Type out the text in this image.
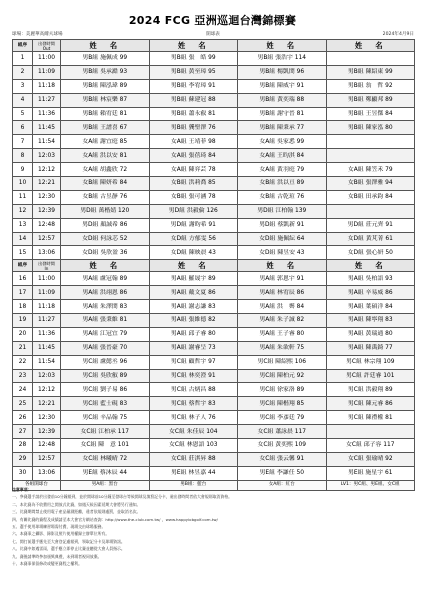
2024 FCG 亞洲巡迴台灣錦標賽
球場：美麗華高爾夫球場	開球表	2024年4月9日
組序	出發時間
Out	姓　名	姓　名	姓　名	姓　名
1	11:00	男B組 施佩成 99	男B組 張　皓 99	男B組 張浩宇 114	
2	11:09	男B組 吳承澔 93	男B組 黃至璋 95	男B組 楊凱閔 96	男B組 陳紹東 99
3	11:18	男B組 陳泓瑋 89	男B組 李宥璋 91	男B組 陳威宇 91	男B組 翁　哲 92
4	11:27	男B組 林宸樂 87	男B組 蘇建冠 88	男B組 黃奕瑞 88	男B組 鄭顯邦 89
5	11:36	男B組 賴宥廷 81	男B組 蕭永叡 81	男B組 謝守晉 81	男B組 王昱傑 84
6	11:45	男B組 王譜喜 67	男B組 龔聖澤 76	男B組 陳秉承 77	男B組 陳家泓 80
7	11:54	女A組 謝宜庭 85	女A組 王靖菲 98	女A組 吳家悉 99	
8	12:03	女A組 洪以安 81	女A組 張蓓琦 84	女A組 王昀淇 84	
9	12:12	女A組 胡鑫欣 72	女A組 陳弈芸 78	女A組 黃羽庭 79	女A組 陳笠禾 79
10	12:21	女B組 陳妍希 84	女B組 洪莉喬 85	女B組 洪以亘 89	女B組 張澤雅 94
11	12:30	女B組 古昱靜 76	女B組 張可涵 78	女B組 古乾瑄 76	女B組 田承鈞 84
12	12:39	男D組 萬楷婧 120	男D組 洪毅倫 126	男D組 江柏翰 139	
13	12:48	男D組 顏誠希 86	男D組 謝昀希 91	男D組 蔡凱新 91	男D組 莊元齊 91
14	12:57	女D組 何詠芯 52	女D組 方郁雯 56	女D組 施佩紜 64	女D組 黃芃菁 61
15	13:06	女D組 吳欣盈 36	女D組 陳映晨 43	女D組 陳昱安 43	女D組 張心妍 50
組序	出發時間
In	姓　名	姓　名	姓　名	姓　名
16	11:00	男A組 盧冠翰 89	男A組 羅晟宇 89	男A組 郭恩宇 91	男A組 吳柏語 93
17	11:09	男A組 洪翊恩 86	男A組 戴文夏 86	男A組 林宥辰 86	男A組 辛易威 86
18	11:18	男A組 朱澤閔 83	男A組 謝志謙 83	男A組 洪　霽 84	男A組 葉碩洋 84
19	11:27	男A組 張秉維 81	男A組 張維德 82	男A組 朱子誠 82	男A組 陳寧翔 83
20	11:36	男A組 江冠宜 79	男A組 邱子睿 80	男A組 王子睿 80	男A組 黃瑞通 80
21	11:45	男A組 張晉豪 70	男A組 謝睿呈 73	男A組 朱欲軒 75	男A組 陳禹錡 77
22	11:54	男C組 盧懿丞 96	男C組 顧哲宇 97	男C組 陳紹熙 106	男C組 林宗翔 109
23	12:03	男C組 吳欣叡 89	男C組 林奕澄 91	男C組 陳柏元 92	男C組 許廷睿 101
24	12:12	男C組 劉子易 86	男C組 古炳昌 88	男C組 徐家洛 89	男C組 洪毅翔 89
25	12:21	男C組 藍士硯 83	男C組 蔡哲宇 83	男C組 陳楷翔 85	男C組 陳元睿 86
26	12:30	男C組 辛品翰 75	男C組 林子人 76	男C組 李彥廷 79	男C組 陳禮權 81
27	12:39	女C組 江柏承 117	女C組 朱佳辰 104	女C組 蕭詠晨 117	
28	12:48	女C組 陳　意 101	女C組 林恩語 103	女C組 黃奕熙 109	女C組 邱子容 117
29	12:57	女C組 林曦晴 72	女C組 莊淇昇 88	女C組 張云馨 91	女C組 張瑜晴 92
30	13:06	男E組 蔡沐辰 44	男E組 林昱嘉 44	男E組 李謙任 50	男E組 施星宇 61
各組開球台		男A組：黑台	男B組：藍台	女A組：紅台	LV1：男C組、男E組、女C組
注意事項：
一、參賽選手請於出發前10分鐘報到，並於開球前10分鐘至發球台等候開球及填寫記分卡，逾出發時間者依大會規則取消資格。
二、本比賽為不收費用之開放式比賽，如遇天候因素延期大會將另行通知。
三、比賽期間禁止使用電子產品量測距離，違者依規則處罰，並取消名次。
四、有關比賽的賽程及成績請至本大會官方網站查詢：http://www.the-club.com.tw/ ，www.happyiobgolf.com.tw/
五、選手使用球場練習場需付費，現場交由球場服務。
六、本賽事之攝影、錄影及照片使用權歸主辦單位所有。
七、開打前選手應先至大會登記處報到，領取記分卡及球場資訊。
八、比賽中如遇雷雨，選手應立即停止比賽並聽從大會人員指示。
九、賽後請準時參加頒獎典禮，未到場者視同放棄。
十、本賽事保留修改或變更賽程之權利。
